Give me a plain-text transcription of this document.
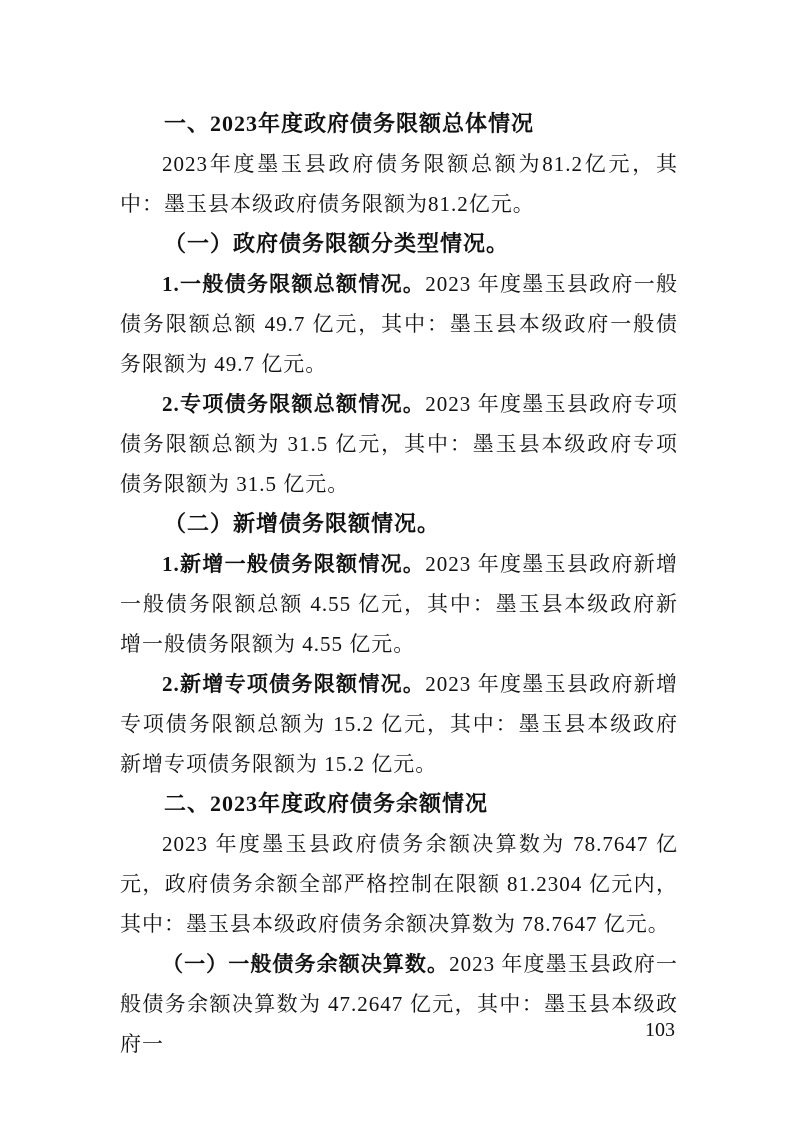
一、2023年度政府债务限额总体情况

2023年度墨玉县政府债务限额总额为81.2亿元，其中：墨玉县本级政府债务限额为81.2亿元。

（一）政府债务限额分类型情况。

1.一般债务限额总额情况。2023 年度墨玉县政府一般债务限额总额 49.7 亿元，其中：墨玉县本级政府一般债务限额为 49.7 亿元。

2.专项债务限额总额情况。2023 年度墨玉县政府专项债务限额总额为 31.5 亿元，其中：墨玉县本级政府专项债务限额为 31.5 亿元。

（二）新增债务限额情况。

1.新增一般债务限额情况。2023 年度墨玉县政府新增一般债务限额总额 4.55 亿元，其中：墨玉县本级政府新增一般债务限额为 4.55 亿元。

2.新增专项债务限额情况。2023 年度墨玉县政府新增专项债务限额总额为 15.2 亿元，其中：墨玉县本级政府新增专项债务限额为 15.2 亿元。

二、2023年度政府债务余额情况

2023 年度墨玉县政府债务余额决算数为 78.7647 亿元，政府债务余额全部严格控制在限额 81.2304 亿元内，其中：墨玉县本级政府债务余额决算数为 78.7647 亿元。

（一）一般债务余额决算数。2023 年度墨玉县政府一般债务余额决算数为 47.2647 亿元，其中：墨玉县本级政府一

103
